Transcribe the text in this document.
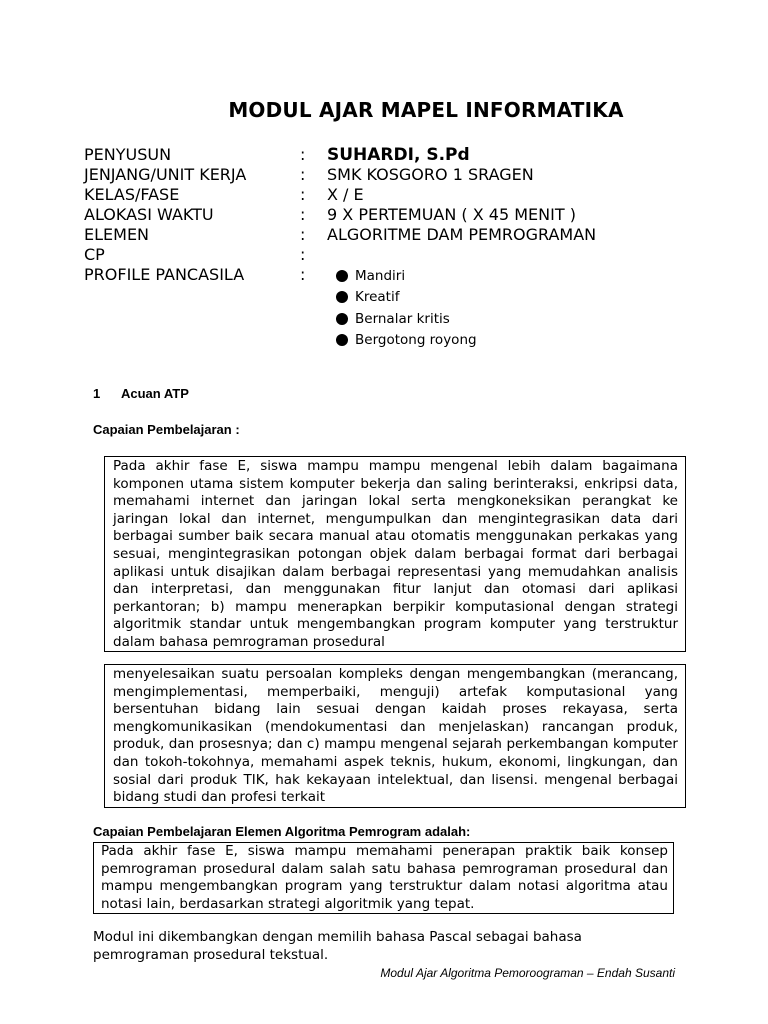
MODUL AJAR MAPEL INFORMATIKA
PENYUSUN	:	SUHARDI, S.Pd
JENJANG/UNIT KERJA	:	SMK KOSGORO 1 SRAGEN
KELAS/FASE	:	X / E
ALOKASI WAKTU	:	9 X PERTEMUAN ( X 45 MENIT )
ELEMEN	:	ALGORITME DAM PEMROGRAMAN
CP	:
PROFILE PANCASILA	:	Mandiri
Kreatif
Bernalar kritis
Bergotong royong
1 Acuan ATP
Capaian Pembelajaran :

Pada akhir fase E, siswa mampu mampu mengenal lebih dalam bagaimana komponen utama sistem komputer bekerja dan saling berinteraksi, enkripsi data, memahami internet dan jaringan lokal serta mengkoneksikan perangkat ke jaringan lokal dan internet, mengumpulkan dan mengintegrasikan data dari berbagai sumber baik secara manual atau otomatis menggunakan perkakas yang sesuai, mengintegrasikan potongan objek dalam berbagai format dari berbagai aplikasi untuk disajikan dalam berbagai representasi yang memudahkan analisis dan interpretasi, dan menggunakan fitur lanjut dan otomasi dari aplikasi perkantoran; b) mampu menerapkan berpikir komputasional dengan strategi algoritmik standar untuk mengembangkan program komputer yang terstruktur dalam bahasa pemrograman prosedural

menyelesaikan suatu persoalan kompleks dengan mengembangkan (merancang, mengimplementasi, memperbaiki, menguji) artefak komputasional yang bersentuhan bidang lain sesuai dengan kaidah proses rekayasa, serta mengkomunikasikan (mendokumentasi dan menjelaskan) rancangan produk, produk, dan prosesnya; dan c) mampu mengenal sejarah perkembangan komputer dan tokoh-tokohnya, memahami aspek teknis, hukum, ekonomi, lingkungan, dan sosial dari produk TIK, hak kekayaan intelektual, dan lisensi. mengenal berbagai bidang studi dan profesi terkait

Capaian Pembelajaran Elemen Algoritma Pemrogram adalah:

Pada akhir fase E, siswa mampu memahami penerapan praktik baik konsep pemrograman prosedural dalam salah satu bahasa pemrograman prosedural dan mampu mengembangkan program yang terstruktur dalam notasi algoritma atau notasi lain, berdasarkan strategi algoritmik yang tepat.

Modul ini dikembangkan dengan memilih bahasa Pascal sebagai bahasa pemrograman prosedural tekstual.
Modul Ajar Algoritma Pemoroograman – Endah Susanti
